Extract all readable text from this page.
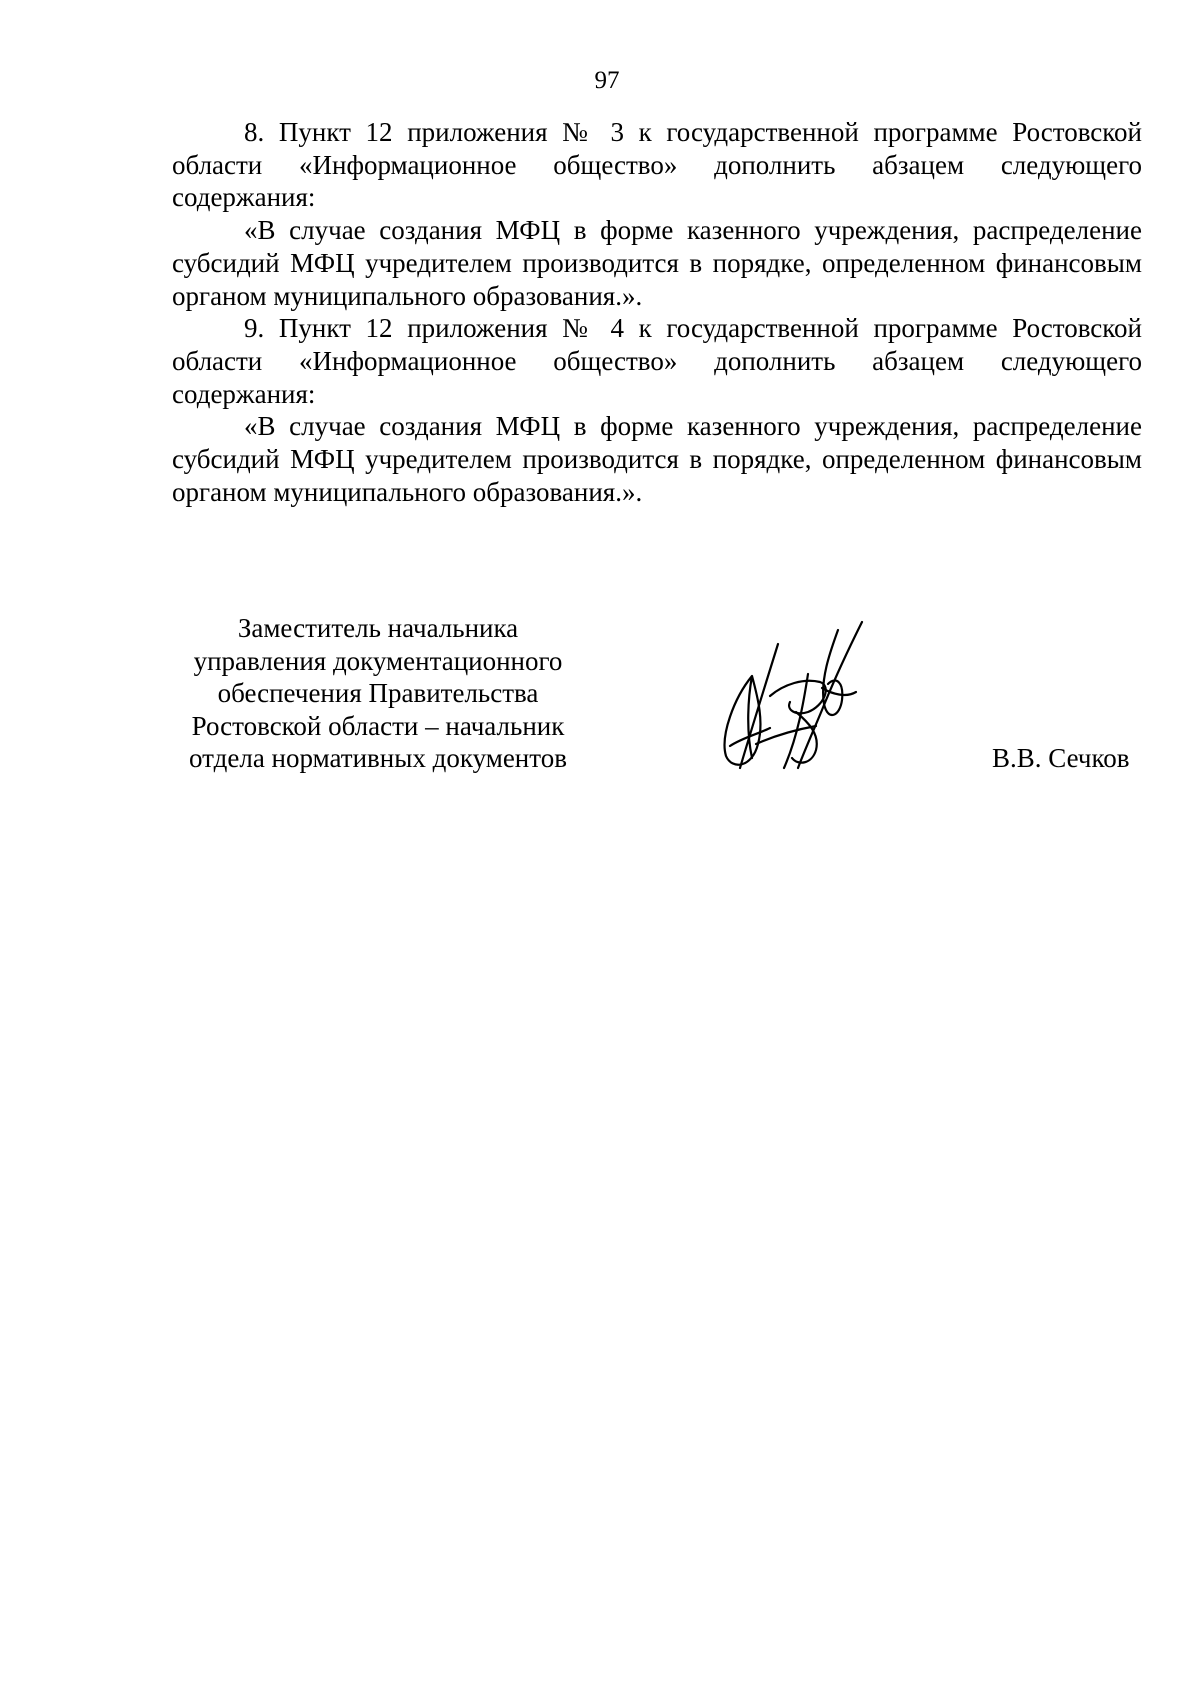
97

8. Пункт 12 приложения № 3 к государственной программе Ростовской области «Информационное общество» дополнить абзацем следующего содержания:

«В случае создания МФЦ в форме казенного учреждения, распределение субсидий МФЦ учредителем производится в порядке, определенном финансовым органом муниципального образования.».

9. Пункт 12 приложения № 4 к государственной программе Ростовской области «Информационное общество» дополнить абзацем следующего содержания:

«В случае создания МФЦ в форме казенного учреждения, распределение субсидий МФЦ учредителем производится в порядке, определенном финансовым органом муниципального образования.».

Заместитель начальника
управления документационного
обеспечения Правительства
Ростовской области – начальник
отдела нормативных документов	В.В. Сечков
